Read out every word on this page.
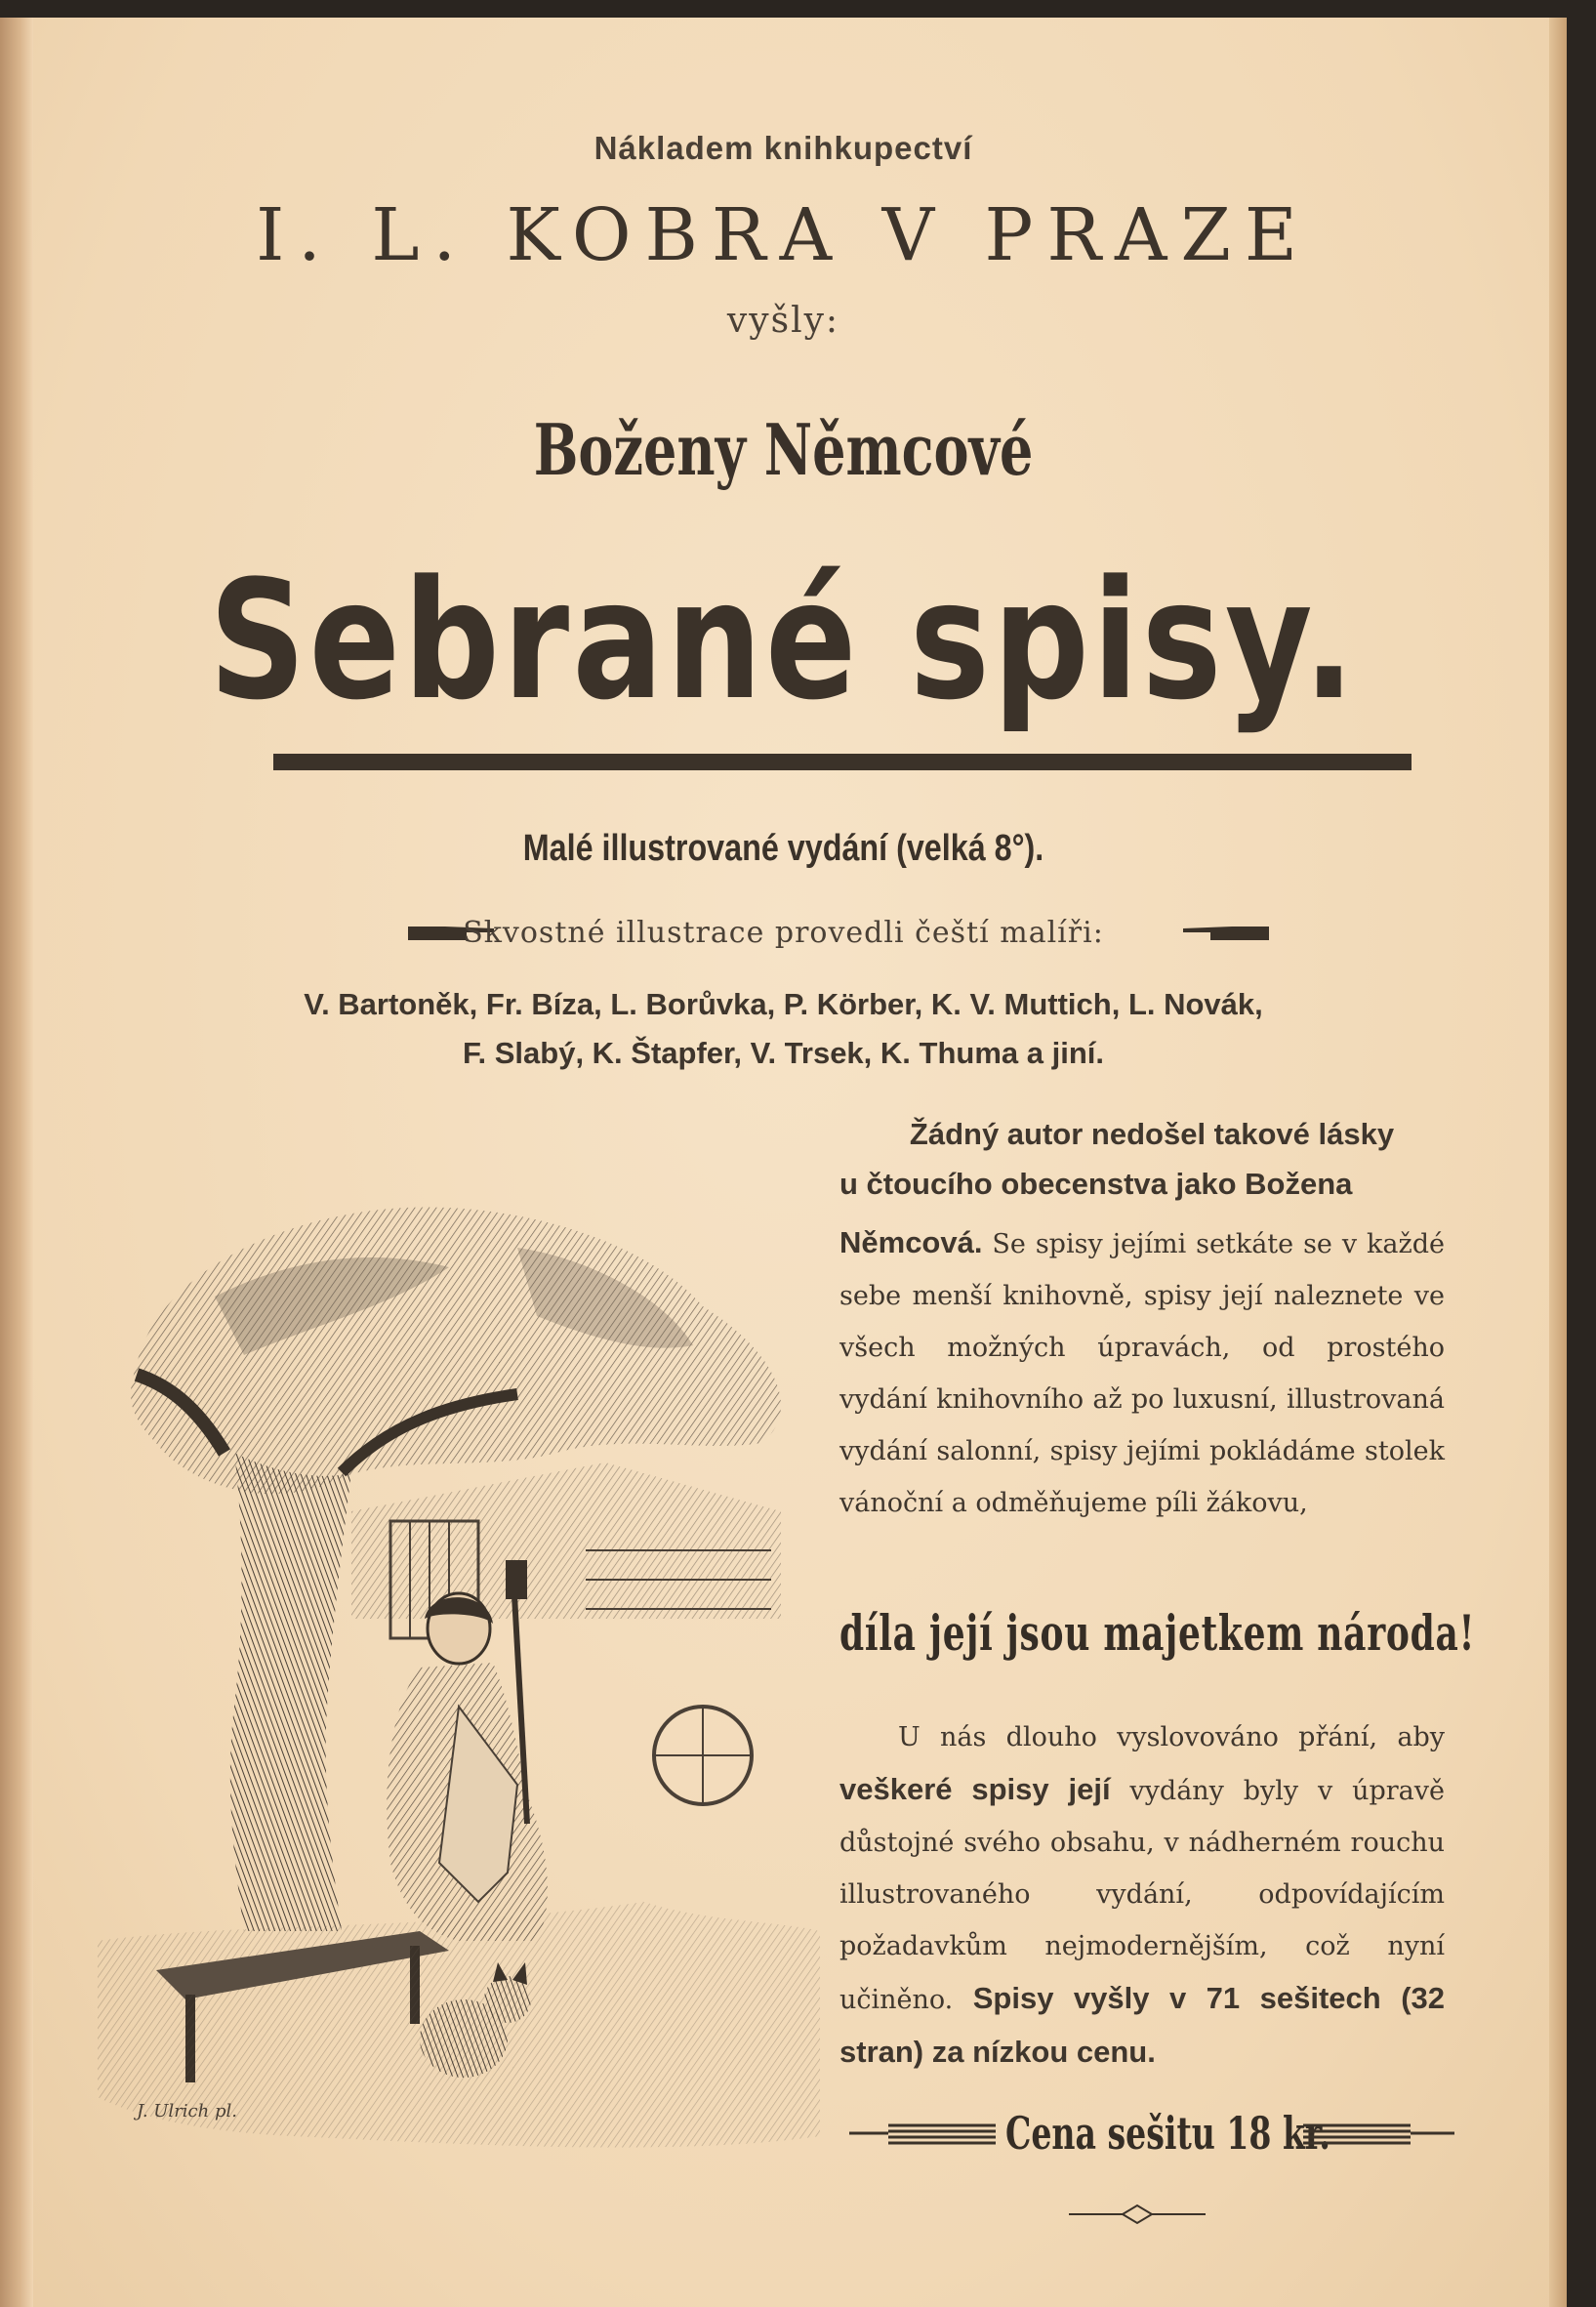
Nákladem knihkupectví
I. L. KOBRA V PRAZE
vyšly:
Boženy Němcové
Sebrané spisy.
Malé illustrované vydání (velká 8°).
Skvostné illustrace provedli čeští malíři:
V. Bartoněk, Fr. Bíza, L. Borůvka, P. Körber, K. V. Muttich, L. Novák,
F. Slabý, K. Štapfer, V. Trsek, K. Thuma a jiní.
J. Ulrich pl.
Žádný autor nedošel takové lásky
u čtoucího obecenstva jako Božena
Němcová. Se spisy jejími setkáte se v každé sebe menší knihovně, spisy její naleznete ve všech možných úpravách, od prostého vydání knihovního až po luxusní, illustrovaná vydání salonní, spisy jejími pokládáme stolek vánoční a odměňujeme píli žákovu,
díla její jsou majetkem národa!
U nás dlouho vyslovováno přání, aby veškeré spisy její vydány byly v úpravě důstojné svého obsahu, v nádherném rouchu illustrovaného vydání, odpovídajícím požadavkům nejmodernějším, což nyní učiněno. Spisy vyšly v 71 sešitech (32 stran) za nízkou cenu.
Cena sešitu 18 kr.
